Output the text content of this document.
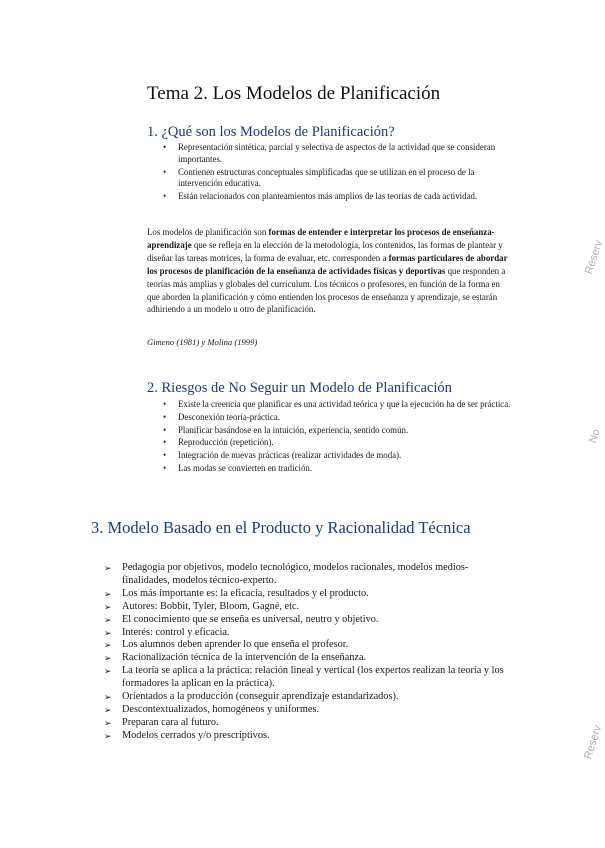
Tema 2. Los Modelos de Planificación
1. ¿Qué son los Modelos de Planificación?
• Representación sintética, parcial y selectiva de aspectos de la actividad que se consideran importantes.
• Contienen estructuras conceptuales simplificadas que se utilizan en el proceso de la intervención educativa.
• Están relacionados con planteamientos más amplios de las teorías de cada actividad.
Los modelos de planificación son formas de entender e interpretar los procesos de enseñanza-aprendizaje que se refleja en la elección de la metodología, los contenidos, las formas de plantear y diseñar las tareas motrices, la forma de evaluar, etc. corresponden a formas particulares de abordar los procesos de planificación de la enseñanza de actividades físicas y deportivas que responden a teorías más amplias y globales del currículum. Los técnicos o profesores, en función de la forma en que aborden la planificación y cómo entienden los procesos de enseñanza y aprendizaje, se estarán adhiriendo a un modelo u otro de planificación.
Gimeno (1981) y Molina (1999)
2. Riesgos de No Seguir un Modelo de Planificación
• Existe la creencia que planificar es una actividad teórica y que la ejecución ha de ser práctica.
• Desconexión teoría-práctica.
• Planificar basándose en la intuición, experiencia, sentido común.
• Reproducción (repetición).
• Integración de nuevas prácticas (realizar actividades de moda).
• Las modas se convierten en tradición.
3. Modelo Basado en el Producto y Racionalidad Técnica
➢ Pedagogía por objetivos, modelo tecnológico, modelos racionales, modelos medios-finalidades, modelos técnico-experto.
➢ Los más importante es: la eficacia, resultados y el producto.
➢ Autores: Bobbit, Tyler, Bloom, Gagné, etc.
➢ El conocimiento que se enseña es universal, neutro y objetivo.
➢ Interés: control y eficacia.
➢ Los alumnos deben aprender lo que enseña el profesor.
➢ Racionalización técnica de la intervención de la enseñanza.
➢ La teoría se aplica a la práctica: relación lineal y vertical (los expertos realizan la teoría y los formadores la aplican en la práctica).
➢ Orientados a la producción (conseguir aprendizaje estandarizados).
➢ Descontextualizados, homogéneos y uniformes.
➢ Preparan cara al futuro.
➢ Modelos cerrados y/o prescriptivos.
Reserv
No
Reserv
